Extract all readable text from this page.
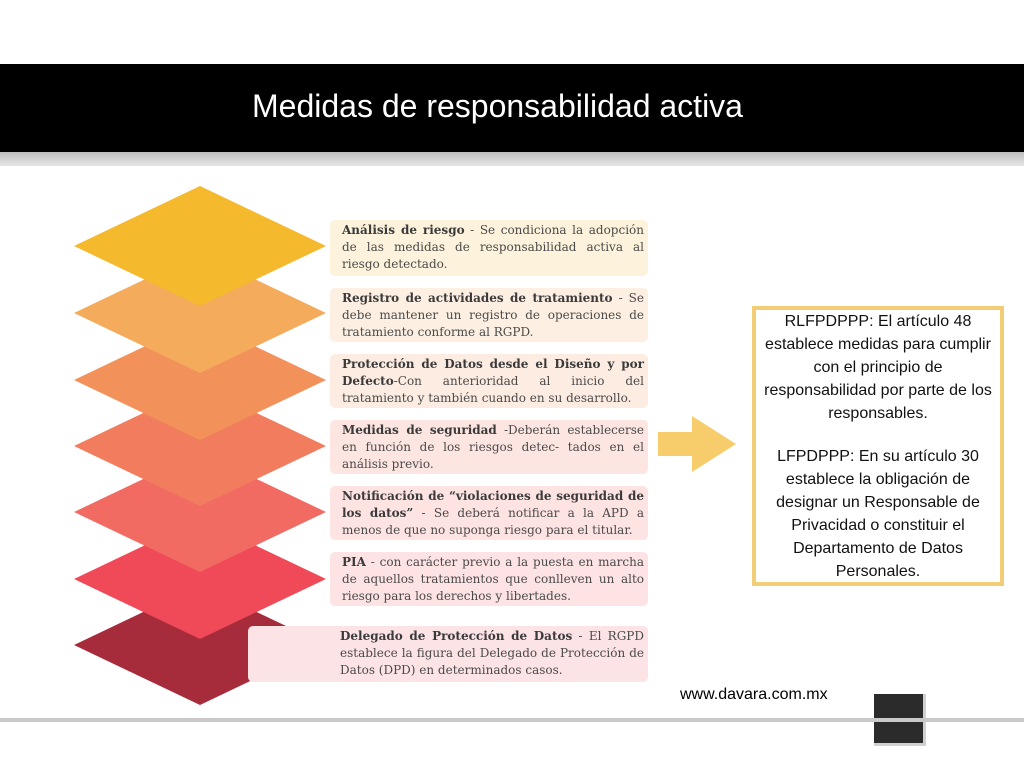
Medidas de responsabilidad activa
Análisis de riesgo - Se condiciona la adopción de las medidas de responsabilidad activa al riesgo detectado.
Registro de actividades de tratamiento - Se debe mantener un registro de operaciones de tratamiento conforme al RGPD.
Protección de Datos desde el Diseño y por Defecto-Con anterioridad al inicio del tratamiento y también cuando en su desarrollo.
Medidas de seguridad -Deberán establecerse en función de los riesgos detec- tados en el análisis previo.
Notificación de “violaciones de seguridad de los datos” - Se deberá notificar a la APD a menos de que no suponga riesgo para el titular.
PIA - con carácter previo a la puesta en marcha de aquellos tratamientos que conlleven un alto riesgo para los derechos y libertades.
Delegado de Protección de Datos - El RGPD establece la figura del Delegado de Protección de Datos (DPD) en determinados casos.

RLFPDPPP: El artículo 48 establece medidas para cumplir con el principio de responsabilidad por parte de los responsables.

LFPDPPP: En su artículo 30 establece la obligación de designar un Responsable de Privacidad o constituir el Departamento de Datos Personales.

www.davara.com.mx
